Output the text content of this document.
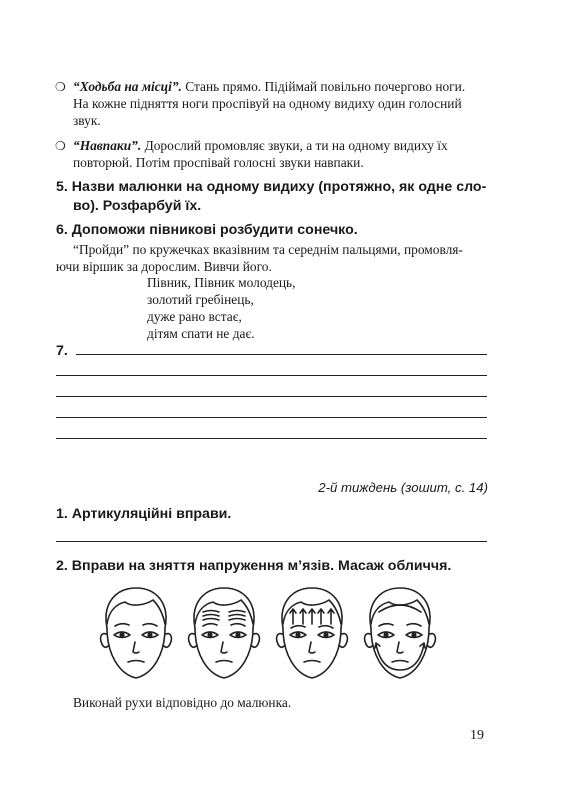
❍ “Ходьба на місці”. Стань прямо. Підіймай повільно почергово ноги.
На кожне підняття ноги проспівуй на одному видиху один голосний
звук.
❍ “Навпаки”. Дорослий промовляє звуки, а ти на одному видиху їх
повторюй. Потім проспівай голосні звуки навпаки.
5. Назви малюнки на одному видиху (протяжно, як одне сло-
во). Розфарбуй їх.
6. Допоможи півникові розбудити сонечко.
“Пройди” по кружечках вказівним та середнім пальцями, промовля-
ючи віршик за дорослим. Вивчи його.
Півник, Півник молодець,
золотий гребінець,
дуже рано встає,
дітям спати не дає.
7.
2-й тиждень (зошит, с. 14)
1. Артикуляційні вправи.
2. Вправи на зняття напруження м’язів. Масаж обличчя.
Виконай рухи відповідно до малюнка.
19
